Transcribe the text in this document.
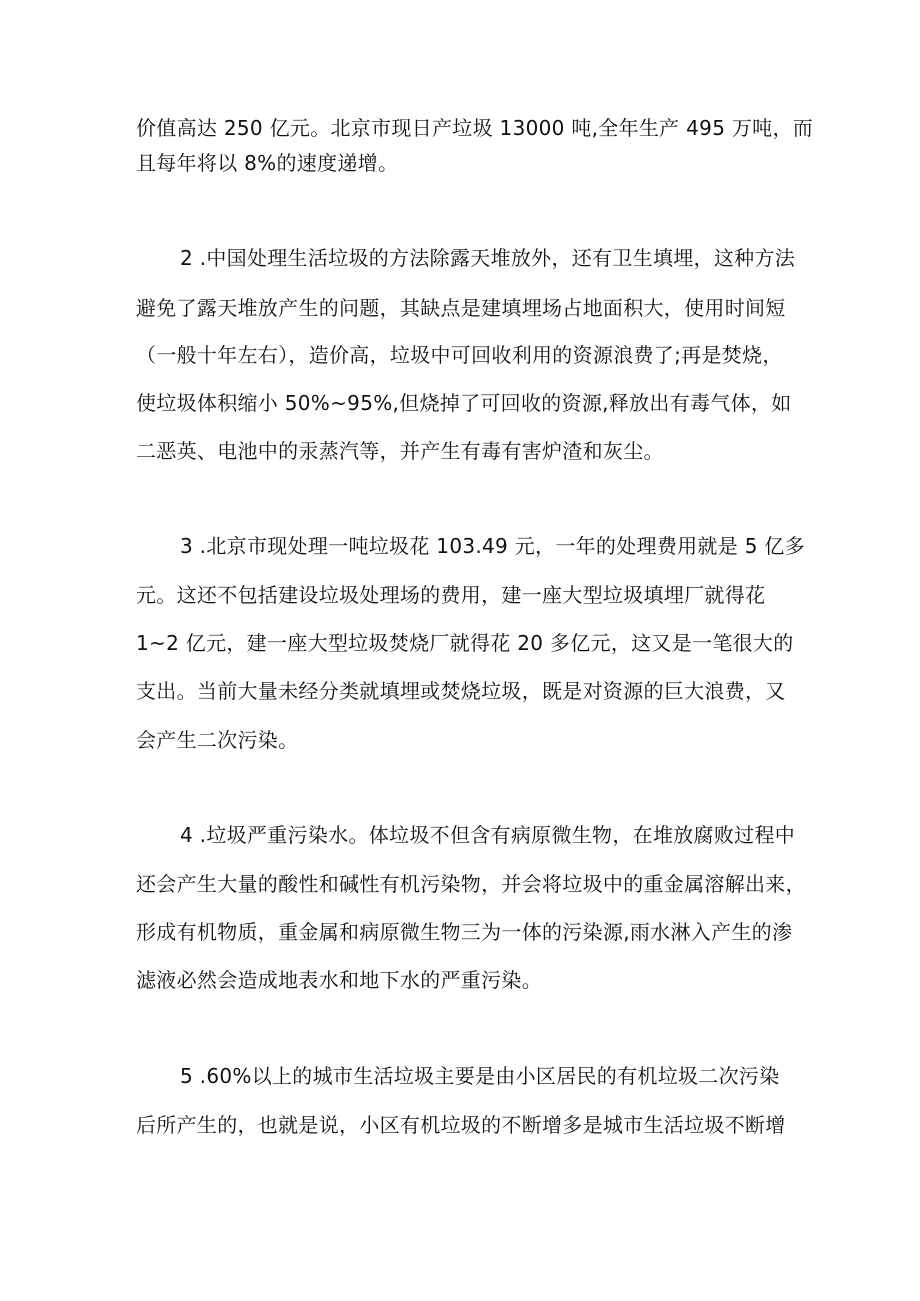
价值高达 250 亿元。北京市现日产垃圾 13000 吨,全年生产 495 万吨，而
且每年将以 8%的速度递增。
2 .中国处理生活垃圾的方法除露天堆放外，还有卫生填埋，这种方法
避免了露天堆放产生的问题，其缺点是建填埋场占地面积大，使用时间短
（一般十年左右），造价高，垃圾中可回收利用的资源浪费了;再是焚烧，
使垃圾体积缩小 50%~95%,但烧掉了可回收的资源,释放出有毒气体，如
二恶英、电池中的汞蒸汽等，并产生有毒有害炉渣和灰尘。
3 .北京市现处理一吨垃圾花 103.49 元，一年的处理费用就是 5 亿多
元。这还不包括建设垃圾处理场的费用，建一座大型垃圾填埋厂就得花
1~2 亿元，建一座大型垃圾焚烧厂就得花 20 多亿元，这又是一笔很大的
支出。当前大量未经分类就填埋或焚烧垃圾，既是对资源的巨大浪费，又
会产生二次污染。
4 .垃圾严重污染水。体垃圾不但含有病原微生物，在堆放腐败过程中
还会产生大量的酸性和碱性有机污染物，并会将垃圾中的重金属溶解出来，
形成有机物质，重金属和病原微生物三为一体的污染源,雨水淋入产生的渗
滤液必然会造成地表水和地下水的严重污染。
5 .60%以上的城市生活垃圾主要是由小区居民的有机垃圾二次污染
后所产生的，也就是说，小区有机垃圾的不断增多是城市生活垃圾不断增
